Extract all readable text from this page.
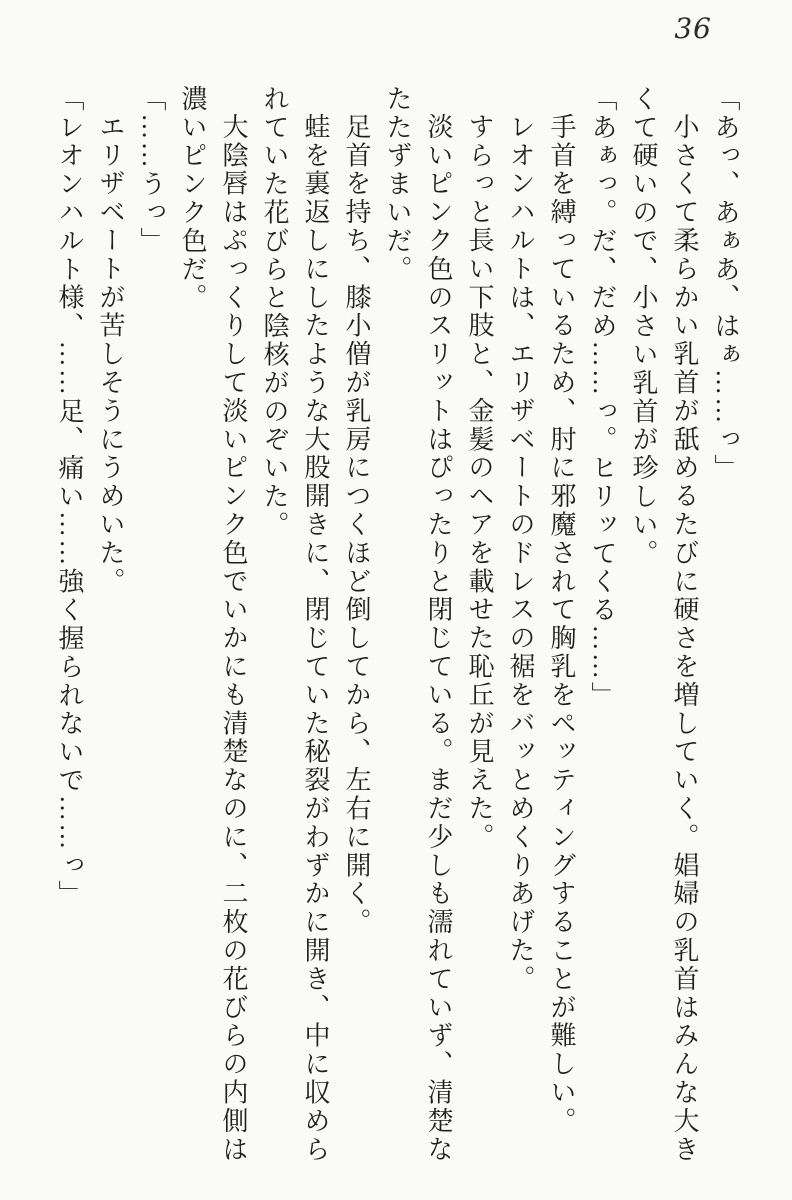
36

「あっ、あぁあ、はぁ……っ」

小さくて柔らかい乳首が舐めるたびに硬さを増していく。娼婦の乳首はみんな大き

くて硬いので、小さい乳首が珍しい。

「あぁっ。だ、だめ……っ。ヒリッてくる……」

手首を縛っているため、肘に邪魔されて胸乳をペッティングすることが難しい。

レオンハルトは、エリザベートのドレスの裾をバッとめくりあげた。

すらっと長い下肢と、金髪のヘアを載せた恥丘が見えた。

淡いピンク色のスリットはぴったりと閉じている。まだ少しも濡れていず、清楚な

たたずまいだ。

足首を持ち、膝小僧が乳房につくほど倒してから、左右に開く。

蛙を裏返しにしたような大股開きに、閉じていた秘裂がわずかに開き、中に収めら

れていた花びらと陰核がのぞいた。

大陰唇はぷっくりして淡いピンク色でいかにも清楚なのに、二枚の花びらの内側は

濃いピンク色だ。

「……うっ」

エリザベートが苦しそうにうめいた。

「レオンハルト様、……足、痛い……強く握られないで……っ」
